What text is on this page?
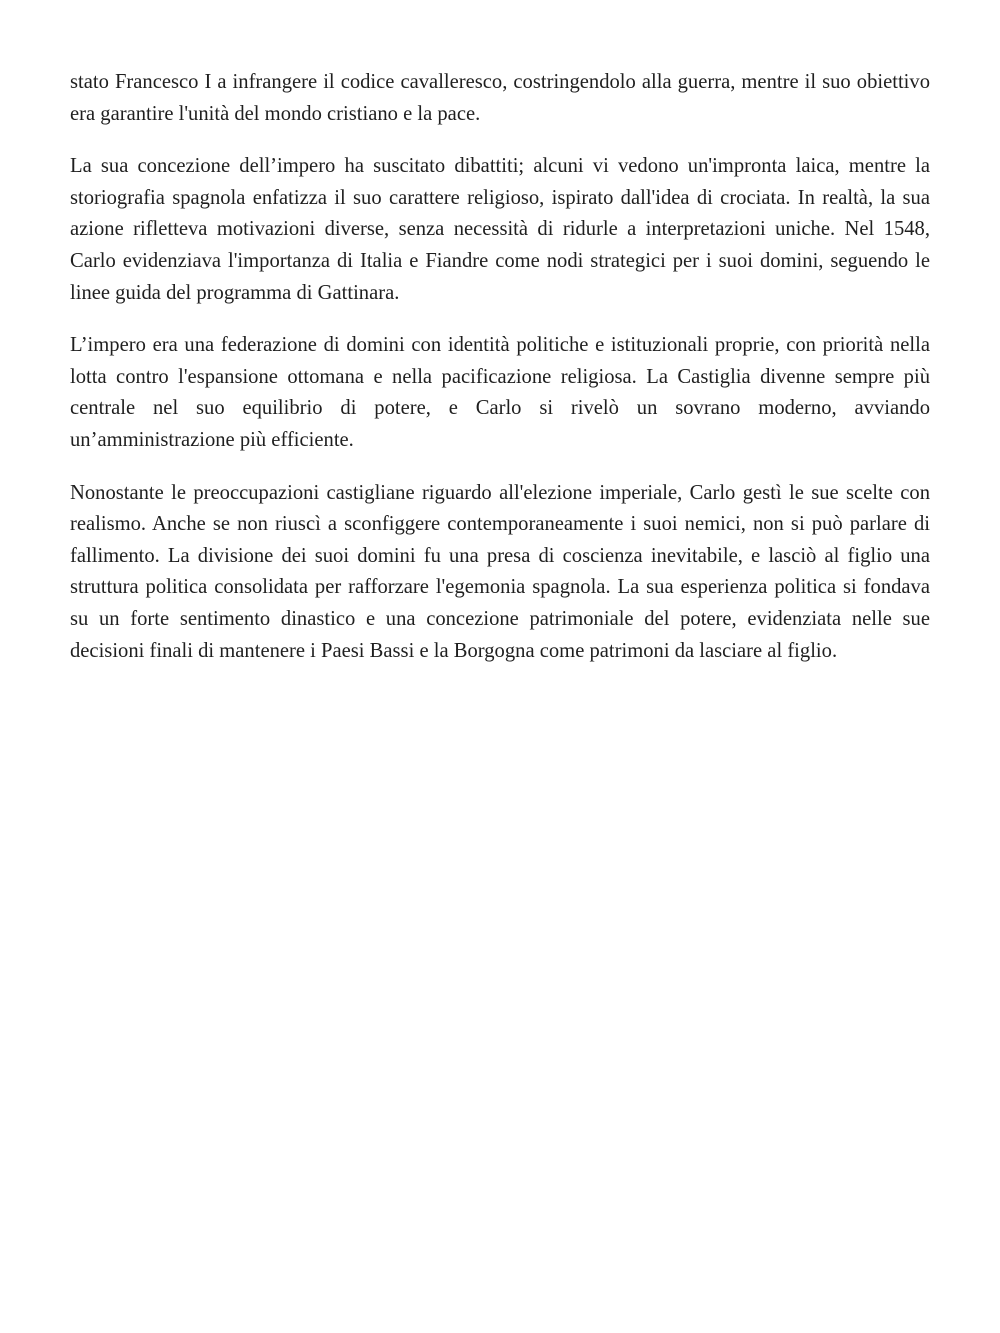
stato Francesco I a infrangere il codice cavalleresco, costringendolo alla guerra, mentre il suo obiettivo era garantire l'unità del mondo cristiano e la pace.

La sua concezione dell’impero ha suscitato dibattiti; alcuni vi vedono un'impronta laica, mentre la storiografia spagnola enfatizza il suo carattere religioso, ispirato dall'idea di crociata. In realtà, la sua azione rifletteva motivazioni diverse, senza necessità di ridurle a interpretazioni uniche. Nel 1548, Carlo evidenziava l'importanza di Italia e Fiandre come nodi strategici per i suoi domini, seguendo le linee guida del programma di Gattinara.

L’impero era una federazione di domini con identità politiche e istituzionali proprie, con priorità nella lotta contro l'espansione ottomana e nella pacificazione religiosa. La Castiglia divenne sempre più centrale nel suo equilibrio di potere, e Carlo si rivelò un sovrano moderno, avviando un’amministrazione più efficiente.

Nonostante le preoccupazioni castigliane riguardo all'elezione imperiale, Carlo gestì le sue scelte con realismo. Anche se non riuscì a sconfiggere contemporaneamente i suoi nemici, non si può parlare di fallimento. La divisione dei suoi domini fu una presa di coscienza inevitabile, e lasciò al figlio una struttura politica consolidata per rafforzare l'egemonia spagnola. La sua esperienza politica si fondava su un forte sentimento dinastico e una concezione patrimoniale del potere, evidenziata nelle sue decisioni finali di mantenere i Paesi Bassi e la Borgogna come patrimoni da lasciare al figlio.
